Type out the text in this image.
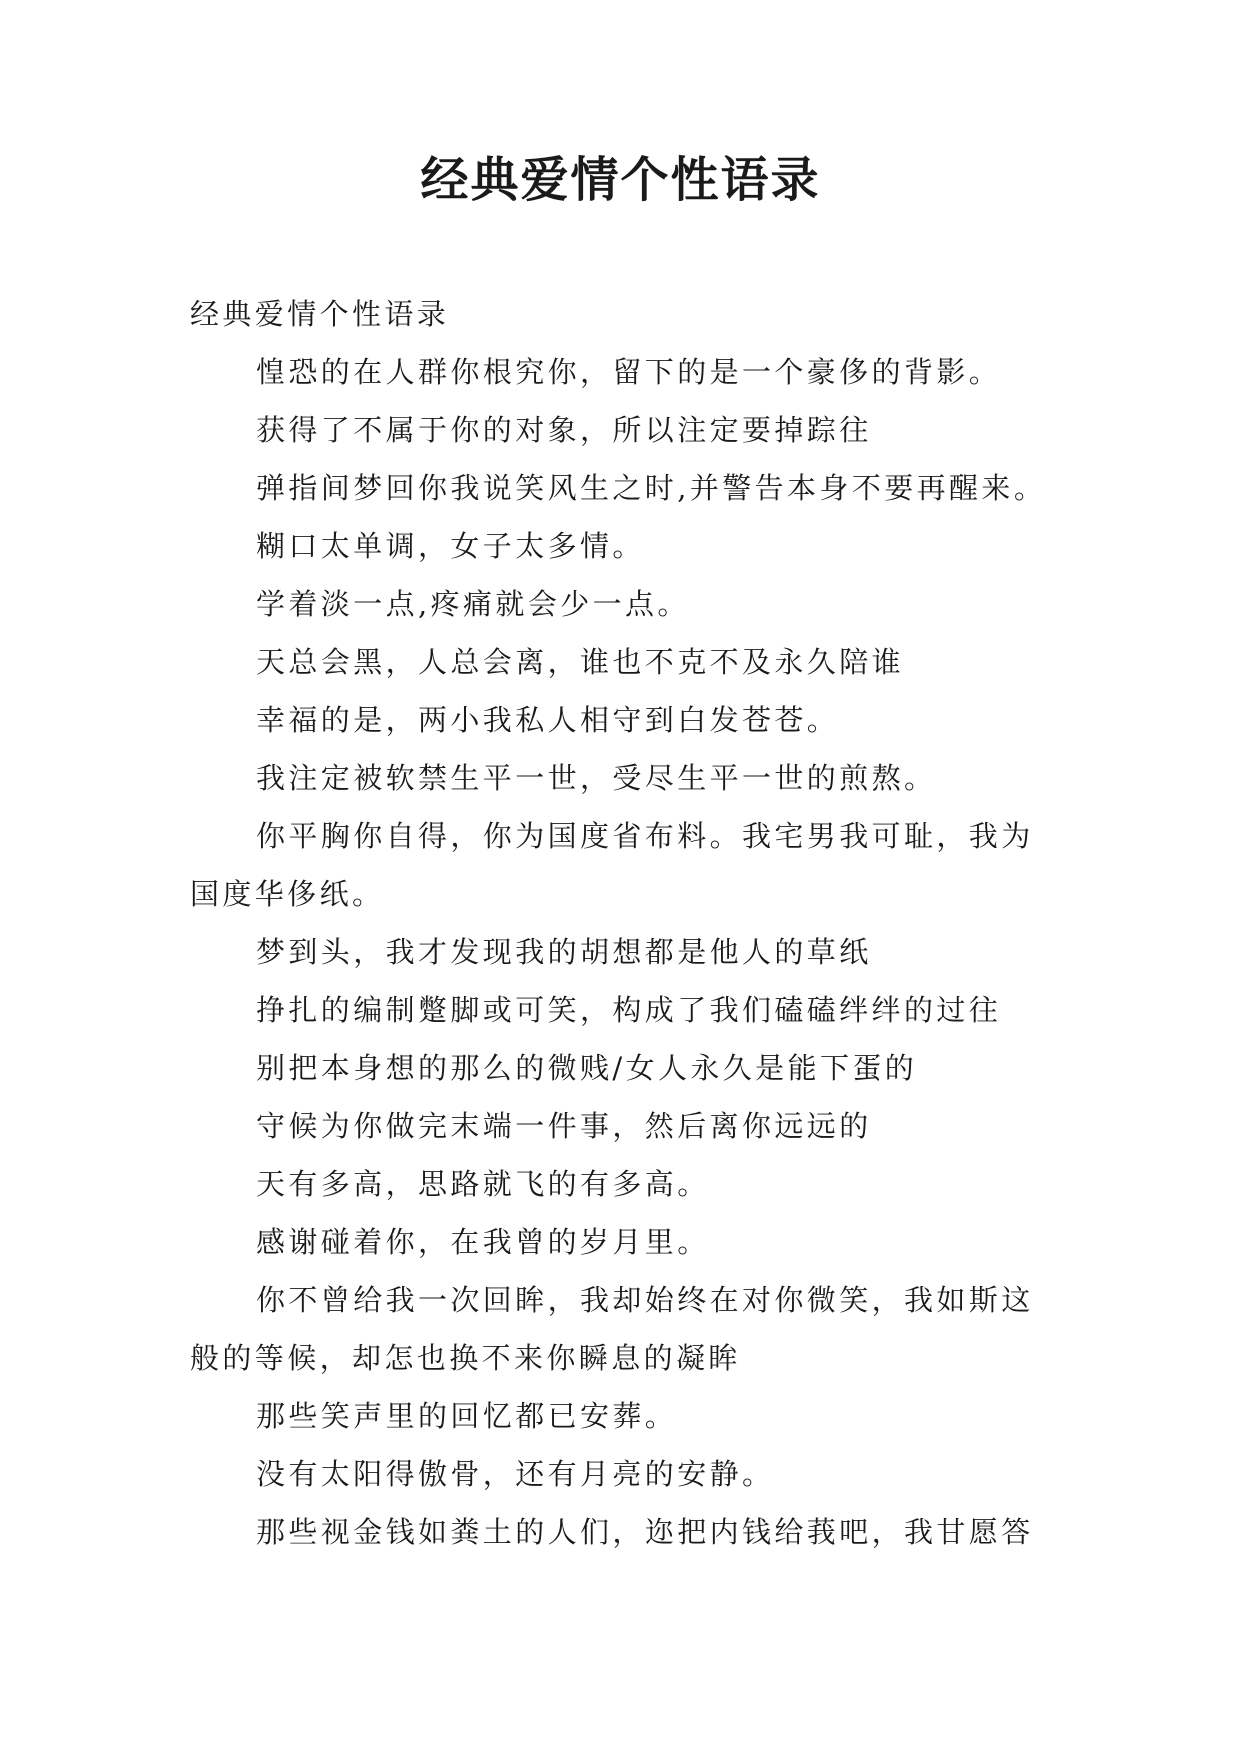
经典爱情个性语录
经典爱情个性语录
惶恐的在人群你根究你，留下的是一个豪侈的背影。
获得了不属于你的对象，所以注定要掉踪往
弹指间梦回你我说笑风生之时,并警告本身不要再醒来。
糊口太单调，女子太多情。
学着淡一点,疼痛就会少一点。
天总会黑，人总会离，谁也不克不及永久陪谁
幸福的是，两小我私人相守到白发苍苍。
我注定被软禁生平一世，受尽生平一世的煎熬。
你平胸你自得，你为国度省布料。我宅男我可耻，我为
国度华侈纸。
梦到头，我才发现我的胡想都是他人的草纸
挣扎的编制蹩脚或可笑，构成了我们磕磕绊绊的过往
别把本身想的那么的微贱/女人永久是能下蛋的
守候为你做完末端一件事，然后离你远远的
天有多高，思路就飞的有多高。
感谢碰着你，在我曾的岁月里。
你不曾给我一次回眸，我却始终在对你微笑，我如斯这
般的等候，却怎也换不来你瞬息的凝眸
那些笑声里的回忆都已安葬。
没有太阳得傲骨，还有月亮的安静。
那些视金钱如粪土的人们，迩把内钱给莪吧，我甘愿答
